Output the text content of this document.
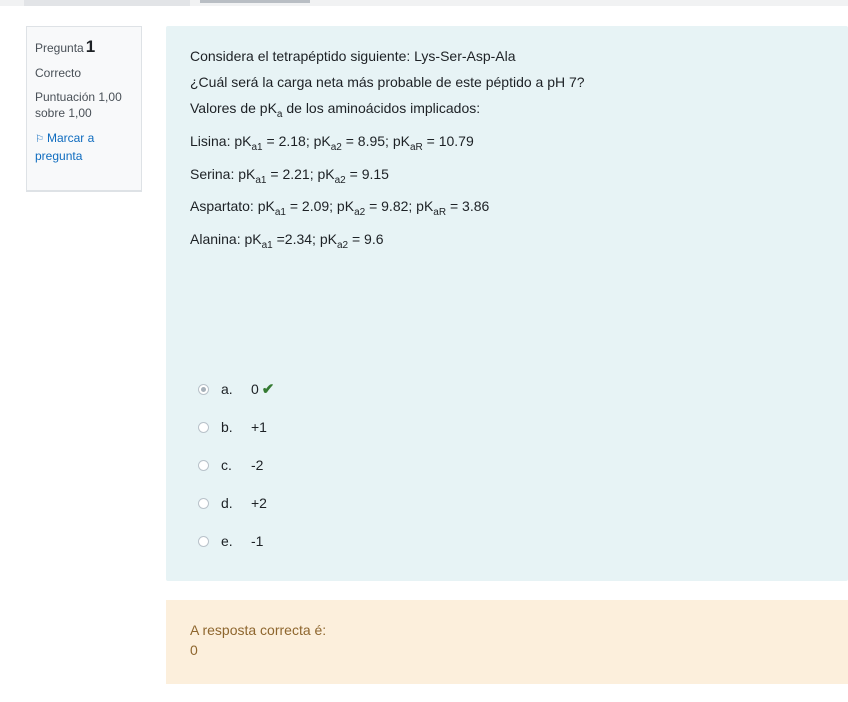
Pregunta 1
Correcto
Puntuación 1,00
sobre 1,00
⚐ Marcar a
pregunta

Considera el tetrapéptido siguiente: Lys-Ser-Asp-Ala

¿Cuál será la carga neta más probable de este péptido a pH 7?

Valores de $pK_a$ de los aminoácidos implicados:

Lisina: $pK_{a1} = 2.18$; $pK_{a2} = 8.95$; $pK_{aR} = 10.79$

Serina: $pK_{a1} = 2.21$; $pK_{a2} = 9.15$

Aspartato: $pK_{a1} = 2.09$; $pK_{a2} = 9.82$; $pK_{aR} = 3.86$

Alanina: $pK_{a1} =2.34$; $pK_{a2} = 9.6$

a.	0 ✔
b.	+1
c.	-2
d.	+2
e.	-1
A resposta correcta é:
0
